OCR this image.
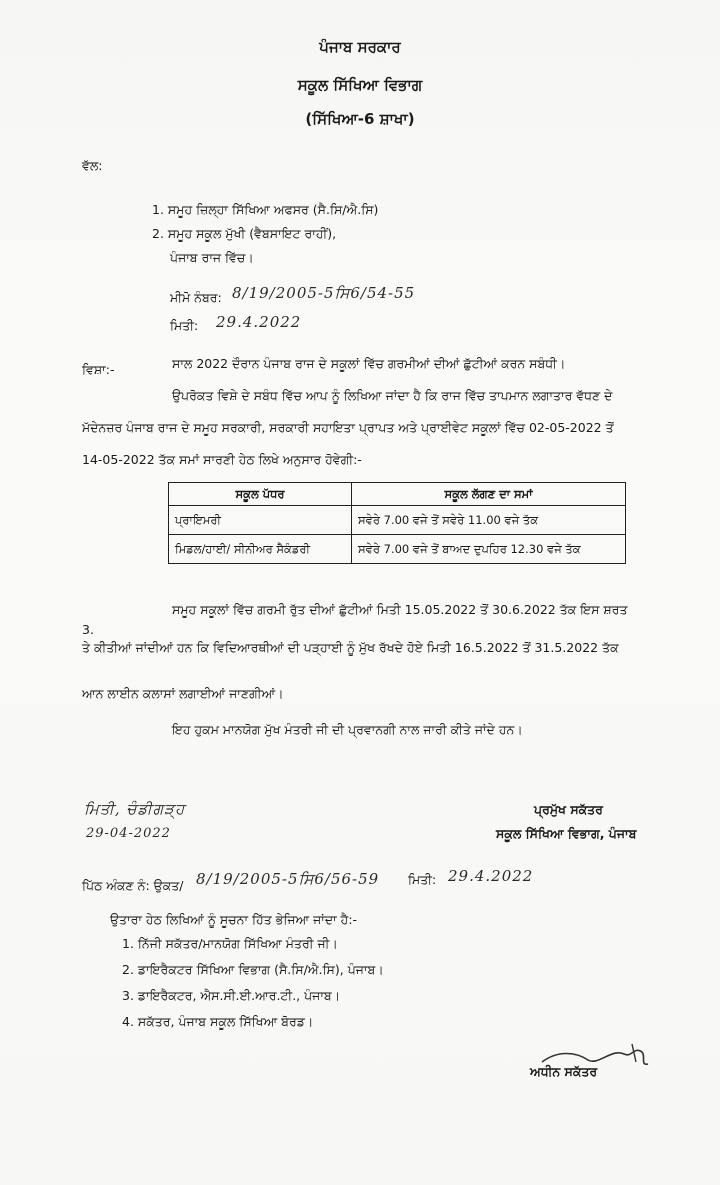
ਪੰਜਾਬ ਸਰਕਾਰ
ਸਕੂਲ ਸਿੱਖਿਆ ਵਿਭਾਗ
(ਸਿੱਖਿਆ-6 ਸ਼ਾਖਾ)
ਵੱਲ:
1. ਸਮੂਹ ਜ਼ਿਲ੍ਹਾ ਸਿੱਖਿਆ ਅਫਸਰ (ਸੈ.ਸਿ/ਐ.ਸਿ)
2. ਸਮੂਹ ਸਕੂਲ ਮੁੱਖੀ (ਵੈਬਸਾਇਟ ਰਾਹੀਂ),
ਪੰਜਾਬ ਰਾਜ ਵਿੱਚ।
ਮੀਮੋ ਨੰਬਰ: 8/19/2005-5ਸਿ6/54-55
ਮਿਤੀ: 29.4.2022
ਵਿਸ਼ਾ:-	ਸਾਲ 2022 ਦੌਰਾਨ ਪੰਜਾਬ ਰਾਜ ਦੇ ਸਕੂਲਾਂ ਵਿੱਚ ਗਰਮੀਆਂ ਦੀਆਂ ਛੁੱਟੀਆਂ ਕਰਨ ਸਬੰਧੀ।
ਉਪਰੋਕਤ ਵਿਸ਼ੇ ਦੇ ਸਬੰਧ ਵਿੱਚ ਆਪ ਨੂੰ ਲਿਖਿਆ ਜਾਂਦਾ ਹੈ ਕਿ ਰਾਜ ਵਿੱਚ ਤਾਪਮਾਨ ਲਗਾਤਾਰ ਵੱਧਣ ਦੇ
ਮੱਦੇਨਜ਼ਰ ਪੰਜਾਬ ਰਾਜ ਦੇ ਸਮੂਹ ਸਰਕਾਰੀ, ਸਰਕਾਰੀ ਸਹਾਇਤਾ ਪ੍ਰਾਪਤ ਅਤੇ ਪ੍ਰਾਈਵੇਟ ਸਕੂਲਾਂ ਵਿੱਚ 02-05-2022 ਤੋਂ
14-05-2022 ਤੱਕ ਸਮਾਂ ਸਾਰਣੀ ਹੇਠ ਲਿਖੇ ਅਨੁਸਾਰ ਹੋਵੇਗੀ:-
ਸਕੂਲ ਪੱਧਰ	ਸਕੂਲ ਲੱਗਣ ਦਾ ਸਮਾਂ
ਪ੍ਰਾਇਮਰੀ	ਸਵੇਰੇ 7.00 ਵਜੇ ਤੋਂ ਸਵੇਰੇ 11.00 ਵਜੇ ਤੱਕ
ਮਿਡਲ/ਹਾਈ/ ਸੀਨੀਅਰ ਸੈਕੰਡਰੀ	ਸਵੇਰੇ 7.00 ਵਜੇ ਤੋਂ ਬਾਅਦ ਦੁਪਹਿਰ 12.30 ਵਜੇ ਤੱਕ
3.
ਸਮੂਹ ਸਕੂਲਾਂ ਵਿੱਚ ਗਰਮੀ ਰੁੱਤ ਦੀਆਂ ਛੁੱਟੀਆਂ ਮਿਤੀ 15.05.2022 ਤੋਂ 30.6.2022 ਤੱਕ ਇਸ ਸ਼ਰਤ
ਤੇ ਕੀਤੀਆਂ ਜਾਂਦੀਆਂ ਹਨ ਕਿ ਵਿਦਿਆਰਥੀਆਂ ਦੀ ਪੜ੍ਹਾਈ ਨੂੰ ਮੁੱਖ ਰੱਖਦੇ ਹੋਏ ਮਿਤੀ 16.5.2022 ਤੋਂ 31.5.2022 ਤੱਕ
ਆਨ ਲਾਈਨ ਕਲਾਸਾਂ ਲਗਾਈਆਂ ਜਾਣਗੀਆਂ।
ਇਹ ਹੁਕਮ ਮਾਨਯੋਗ ਮੁੱਖ ਮੰਤਰੀ ਜੀ ਦੀ ਪ੍ਰਵਾਨਗੀ ਨਾਲ ਜਾਰੀ ਕੀਤੇ ਜਾਂਦੇ ਹਨ।
ਮਿਤੀ, ਚੰਡੀਗੜ੍ਹ
29-04-2022
ਪ੍ਰਮੁੱਖ ਸਕੱਤਰ
ਸਕੂਲ ਸਿੱਖਿਆ ਵਿਭਾਗ, ਪੰਜਾਬ
ਪਿੱਠ ਅੰਕਣ ਨੰ: ਉਕਤ/ 8/19/2005-5ਸਿ6/56-59 ਮਿਤੀ: 29.4.2022
ਉਤਾਰਾ ਹੇਠ ਲਿਖਿਆਂ ਨੂੰ ਸੂਚਨਾ ਹਿੱਤ ਭੇਜਿਆ ਜਾਂਦਾ ਹੈ:-
1. ਨਿੱਜੀ ਸਕੱਤਰ/ਮਾਨਯੋਗ ਸਿੱਖਿਆ ਮੰਤਰੀ ਜੀ।
2. ਡਾਇਰੈਕਟਰ ਸਿੱਖਿਆ ਵਿਭਾਗ (ਸੈ.ਸਿ/ਐ.ਸਿ), ਪੰਜਾਬ।
3. ਡਾਇਰੈਕਟਰ, ਐਸ.ਸੀ.ਈ.ਆਰ.ਟੀ., ਪੰਜਾਬ।
4. ਸਕੱਤਰ, ਪੰਜਾਬ ਸਕੂਲ ਸਿੱਖਿਆ ਬੋਰਡ।
ਅਧੀਨ ਸਕੱਤਰ
